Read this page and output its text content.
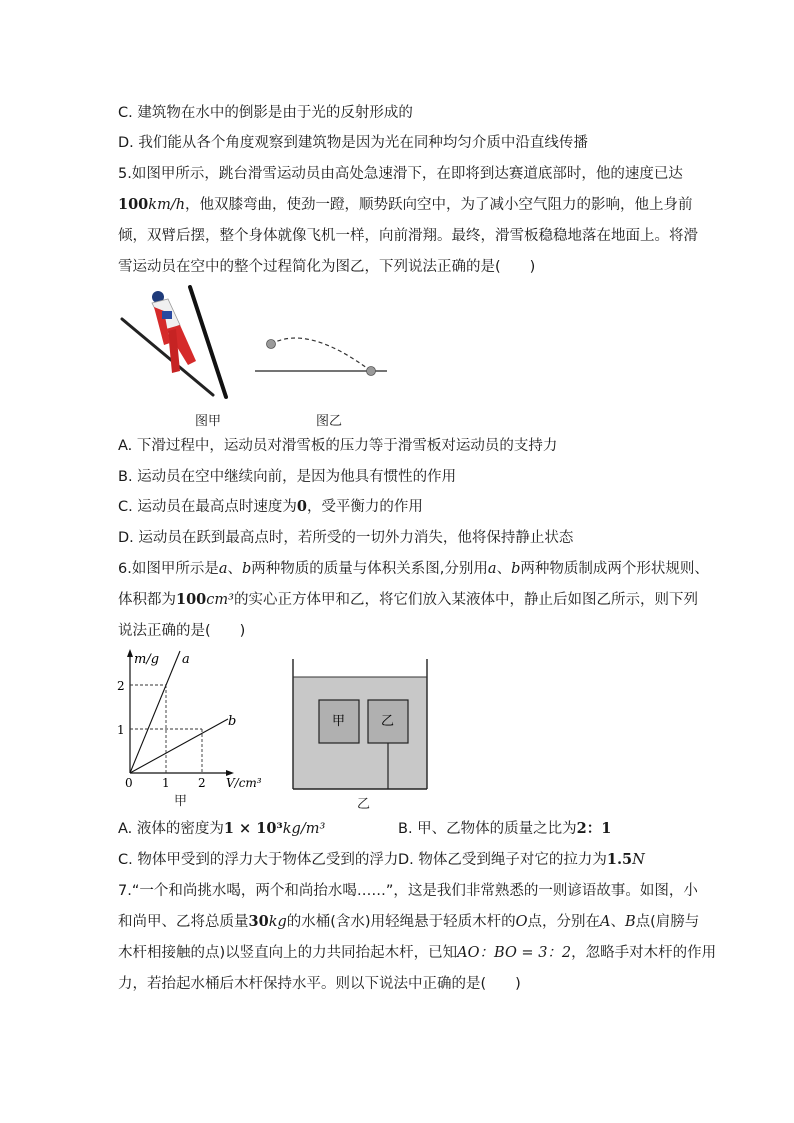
C. 建筑物在水中的倒影是由于光的反射形成的
D. 我们能从各个角度观察到建筑物是因为光在同种均匀介质中沿直线传播
5.如图甲所示，跳台滑雪运动员由高处急速滑下，在即将到达赛道底部时，他的速度已达
100km/h，他双膝弯曲，使劲一蹬，顺势跃向空中，为了减小空气阻力的影响，他上身前
倾，双臂后摆，整个身体就像飞机一样，向前滑翔。最终，滑雪板稳稳地落在地面上。将滑
雪运动员在空中的整个过程简化为图乙，下列说法正确的是(　　)
图甲	图乙
A. 下滑过程中，运动员对滑雪板的压力等于滑雪板对运动员的支持力
B. 运动员在空中继续向前，是因为他具有惯性的作用
C. 运动员在最高点时速度为0，受平衡力的作用
D. 运动员在跃到最高点时，若所受的一切外力消失，他将保持静止状态
6.如图甲所示是a、b两种物质的质量与体积关系图,分别用a、b两种物质制成两个形状规则、
体积都为100cm³的实心正方体甲和乙，将它们放入某液体中，静止后如图乙所示，则下列
说法正确的是(　　)
m/g a
b
2
1
0 1 2 V/cm³
甲
甲	乙
乙
A. 液体的密度为1 × 10³kg/m³	B. 甲、乙物体的质量之比为2：1
C. 物体甲受到的浮力大于物体乙受到的浮力 D. 物体乙受到绳子对它的拉力为1.5N
7.“一个和尚挑水喝，两个和尚抬水喝……”，这是我们非常熟悉的一则谚语故事。如图，小
和尚甲、乙将总质量30kg的水桶(含水)用轻绳悬于轻质木杆的O点，分别在A、B点(肩膀与
木杆相接触的点)以竖直向上的力共同抬起木杆，已知AO：BO = 3：2，忽略手对木杆的作用
力，若抬起水桶后木杆保持水平。则以下说法中正确的是(　　)
